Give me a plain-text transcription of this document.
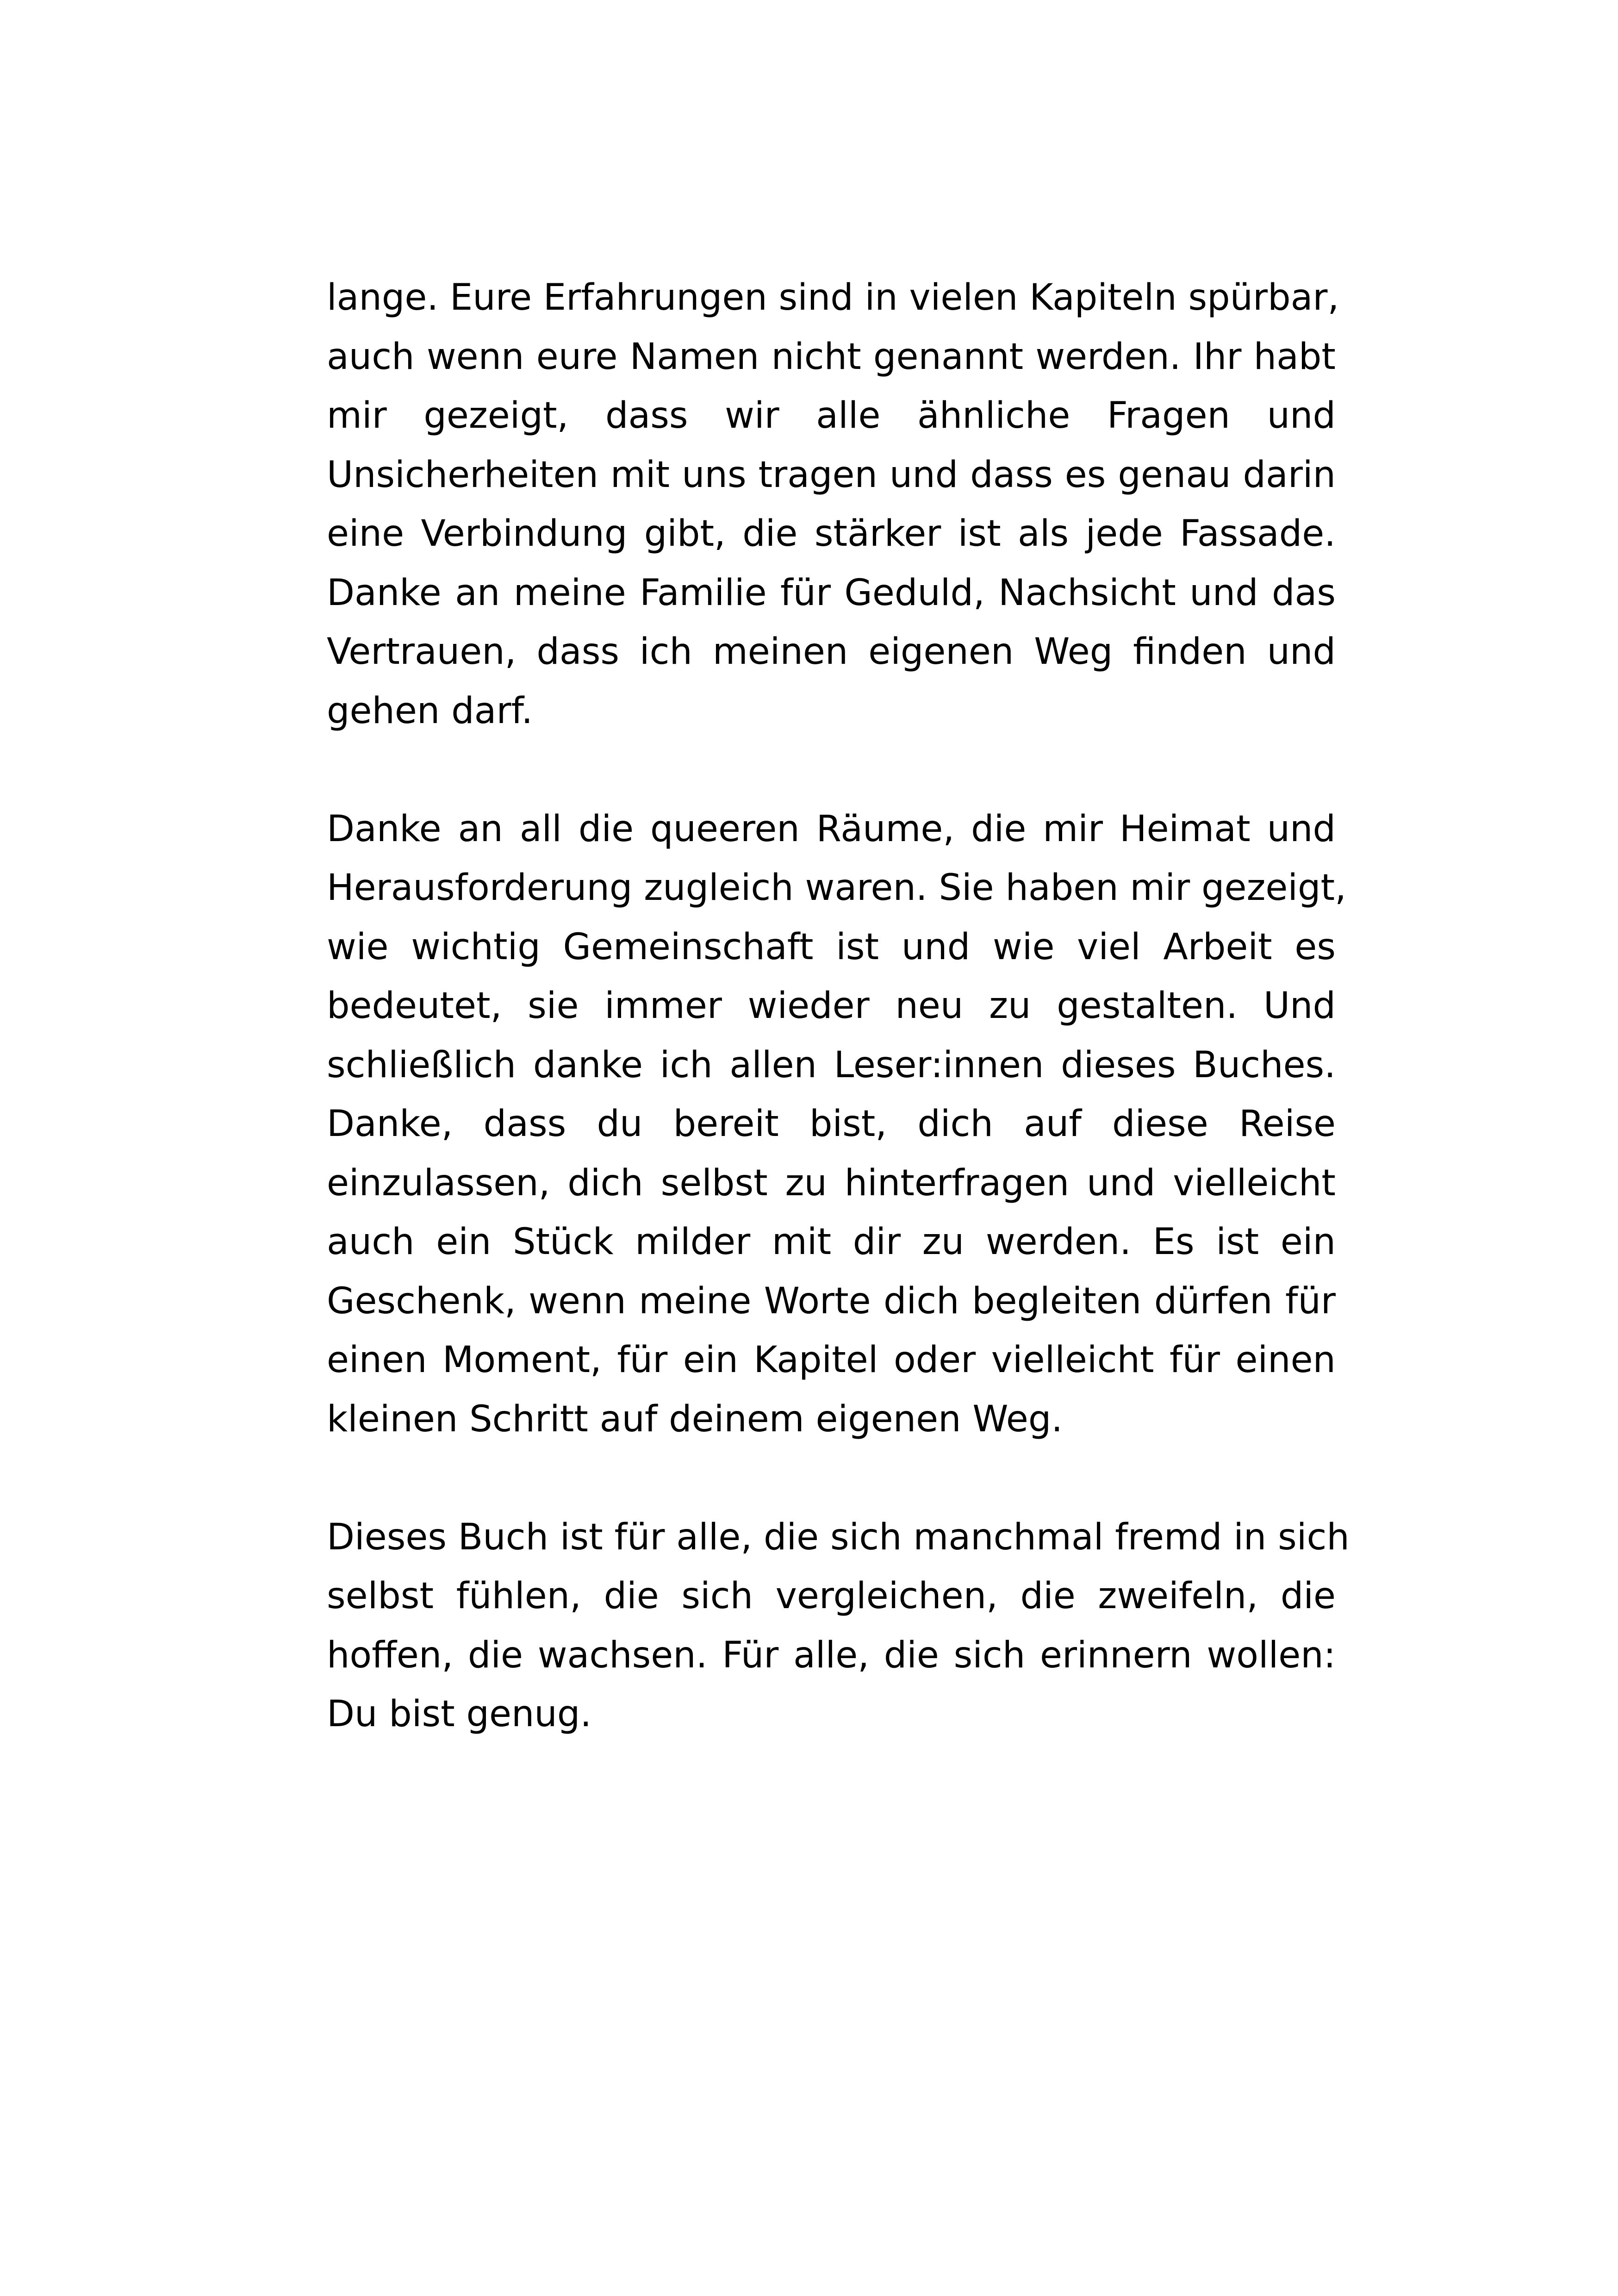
lange. Eure Erfahrungen sind in vielen Kapiteln spürbar,
auch wenn eure Namen nicht genannt werden. Ihr habt
mir gezeigt, dass wir alle ähnliche Fragen und
Unsicherheiten mit uns tragen und dass es genau darin
eine Verbindung gibt, die stärker ist als jede Fassade.
Danke an meine Familie für Geduld, Nachsicht und das
Vertrauen, dass ich meinen eigenen Weg finden und
gehen darf.
Danke an all die queeren Räume, die mir Heimat und
Herausforderung zugleich waren. Sie haben mir gezeigt,
wie wichtig Gemeinschaft ist und wie viel Arbeit es
bedeutet, sie immer wieder neu zu gestalten. Und
schließlich danke ich allen Leser:innen dieses Buches.
Danke, dass du bereit bist, dich auf diese Reise
einzulassen, dich selbst zu hinterfragen und vielleicht
auch ein Stück milder mit dir zu werden. Es ist ein
Geschenk, wenn meine Worte dich begleiten dürfen für
einen Moment, für ein Kapitel oder vielleicht für einen
kleinen Schritt auf deinem eigenen Weg.
Dieses Buch ist für alle, die sich manchmal fremd in sich
selbst fühlen, die sich vergleichen, die zweifeln, die
hoffen, die wachsen. Für alle, die sich erinnern wollen:
Du bist genug.
